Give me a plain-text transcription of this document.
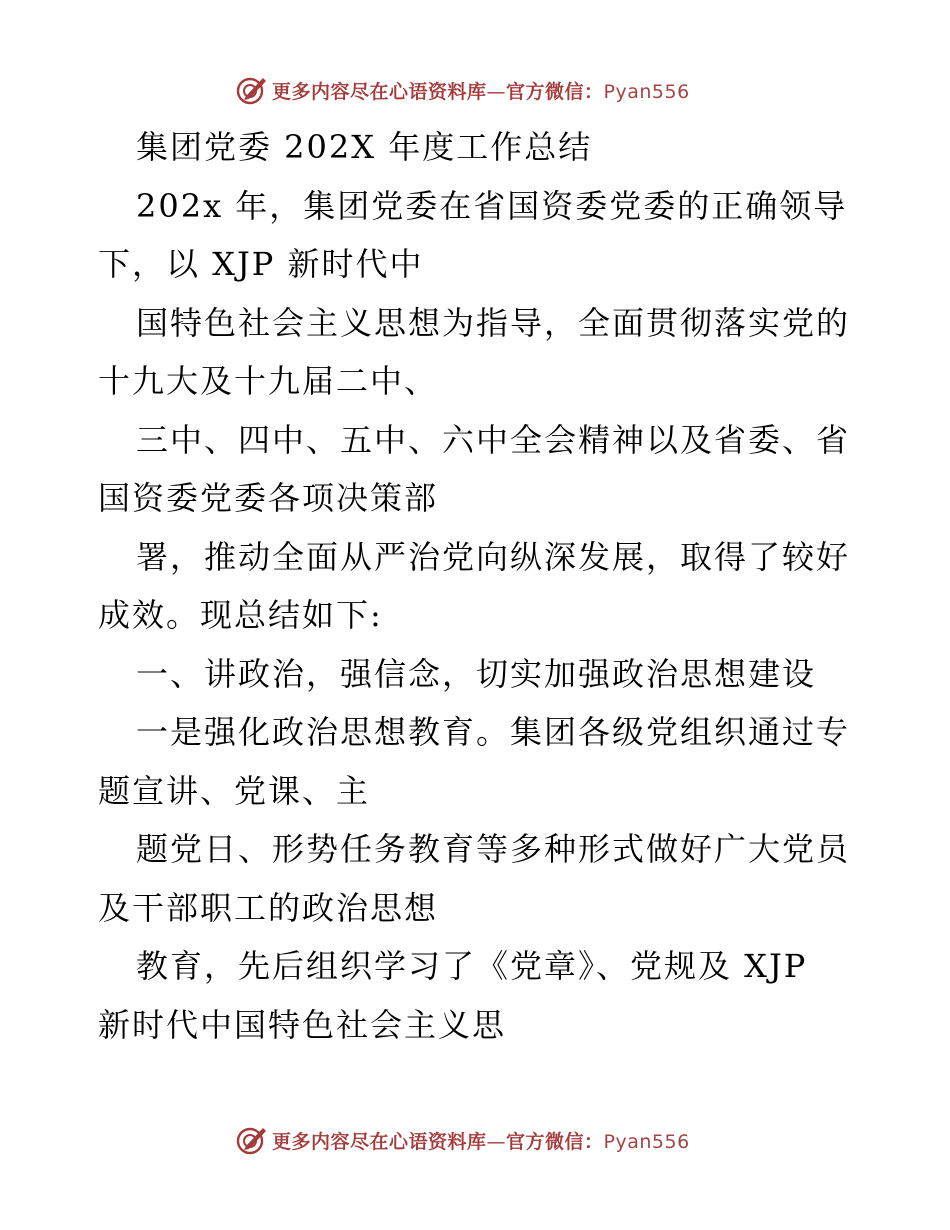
更多内容尽在心语资料库—官方微信：Pyan556
集团党委 202X 年度工作总结
202x 年，集团党委在省国资委党委的正确领导
下，以 XJP 新时代中
国特色社会主义思想为指导，全面贯彻落实党的
十九大及十九届二中、
三中、四中、五中、六中全会精神以及省委、省
国资委党委各项决策部
署，推动全面从严治党向纵深发展，取得了较好
成效。现总结如下:
一、讲政治，强信念，切实加强政治思想建设
一是强化政治思想教育。集团各级党组织通过专
题宣讲、党课、主
题党日、形势任务教育等多种形式做好广大党员
及干部职工的政治思想
教育，先后组织学习了《党章》、党规及 XJP
新时代中国特色社会主义思
更多内容尽在心语资料库—官方微信：Pyan556
